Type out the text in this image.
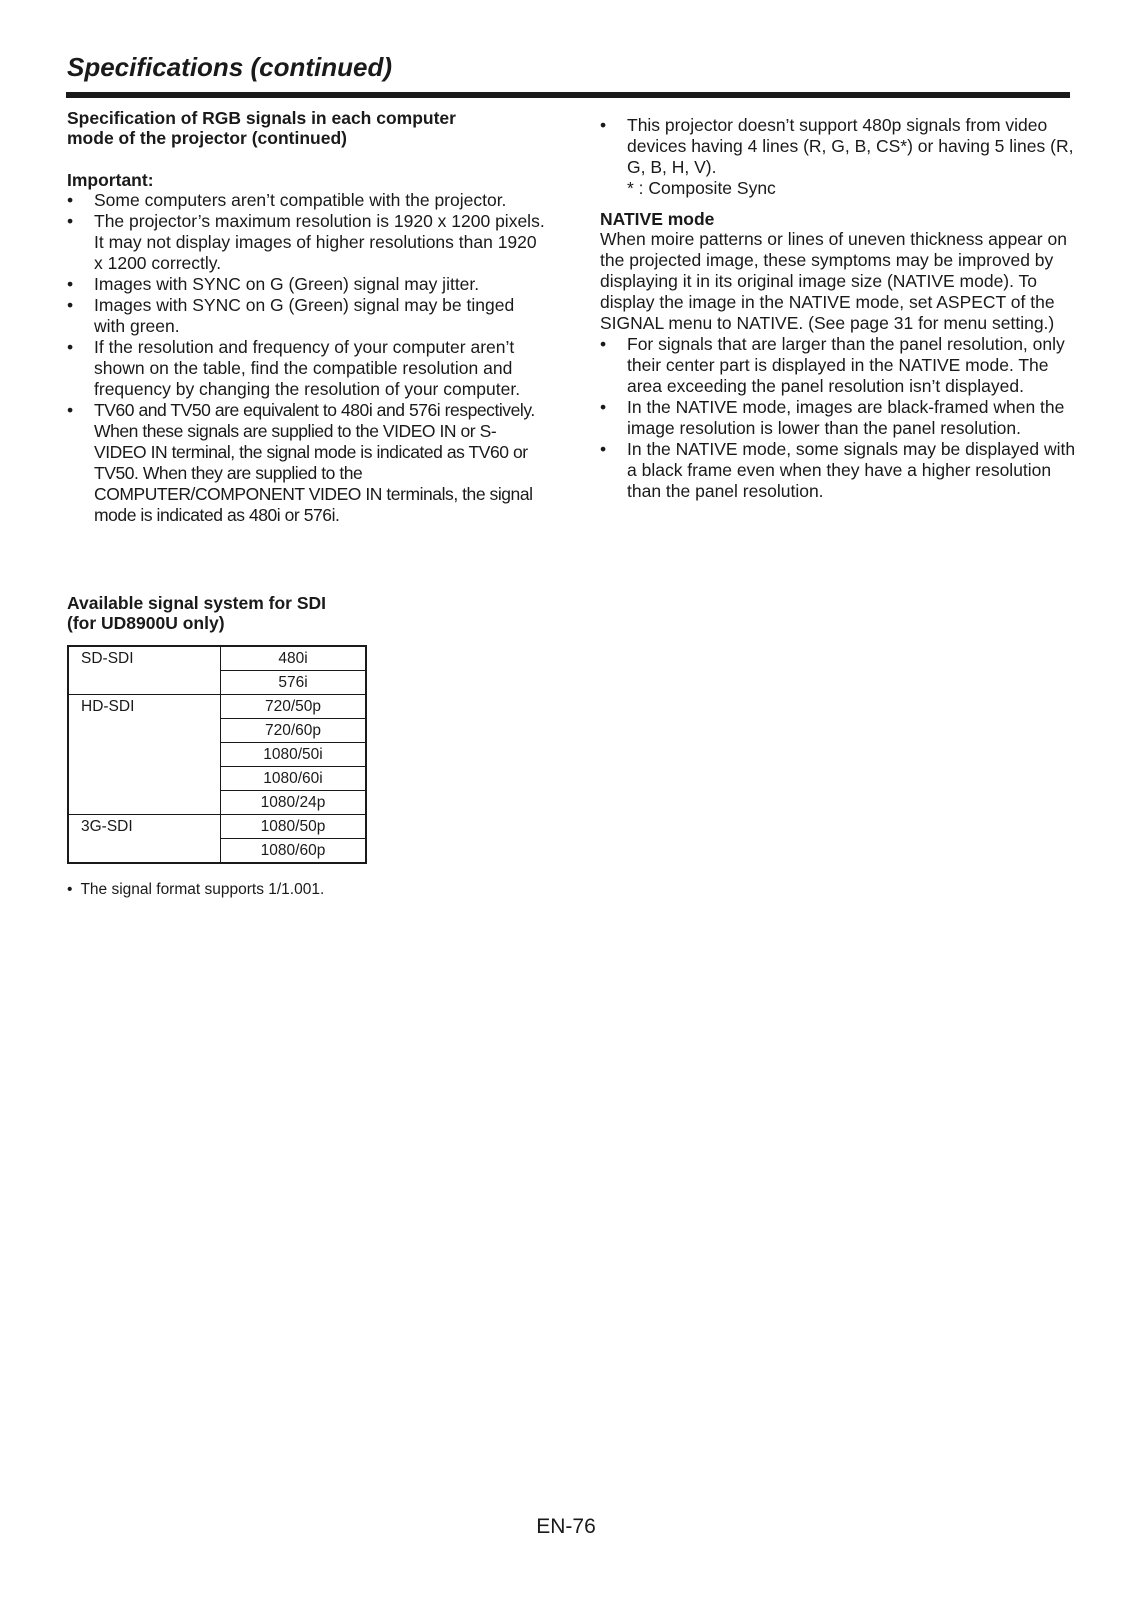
Specifications (continued)

Specification of RGB signals in each computer
mode of the projector (continued)

Important:

• Some computers aren’t compatible with the projector.
• The projector’s maximum resolution is 1920 x 1200 pixels. It may not display images of higher resolutions than 1920 x 1200 correctly.
• Images with SYNC on G (Green) signal may jitter.
• Images with SYNC on G (Green) signal may be tinged with green.
• If the resolution and frequency of your computer aren’t shown on the table, find the compatible resolution and frequency by changing the resolution of your computer.
• TV60 and TV50 are equivalent to 480i and 576i respectively. When these signals are supplied to the VIDEO IN or S-VIDEO IN terminal, the signal mode is indicated as TV60 or TV50. When they are supplied to the COMPUTER/COMPONENT VIDEO IN terminals, the signal mode is indicated as 480i or 576i.

Available signal system for SDI
(for UD8900U only)

SD-SDI	480i
	576i
HD-SDI	720/50p
	720/60p
	1080/50i
	1080/60i
	1080/24p
3G-SDI	1080/50p
	1080/60p
• The signal format supports 1/1.001.
• This projector doesn’t support 480p signals from video devices having 4 lines (R, G, B, CS*) or having 5 lines (R, G, B, H, V).
* : Composite Sync

NATIVE mode

When moire patterns or lines of uneven thickness appear on the projected image, these symptoms may be improved by displaying it in its original image size (NATIVE mode). To display the image in the NATIVE mode, set ASPECT of the SIGNAL menu to NATIVE. (See page 31 for menu setting.)

• For signals that are larger than the panel resolution, only their center part is displayed in the NATIVE mode. The area exceeding the panel resolution isn’t displayed.
• In the NATIVE mode, images are black-framed when the image resolution is lower than the panel resolution.
• In the NATIVE mode, some signals may be displayed with a black frame even when they have a higher resolution than the panel resolution.
EN-76
